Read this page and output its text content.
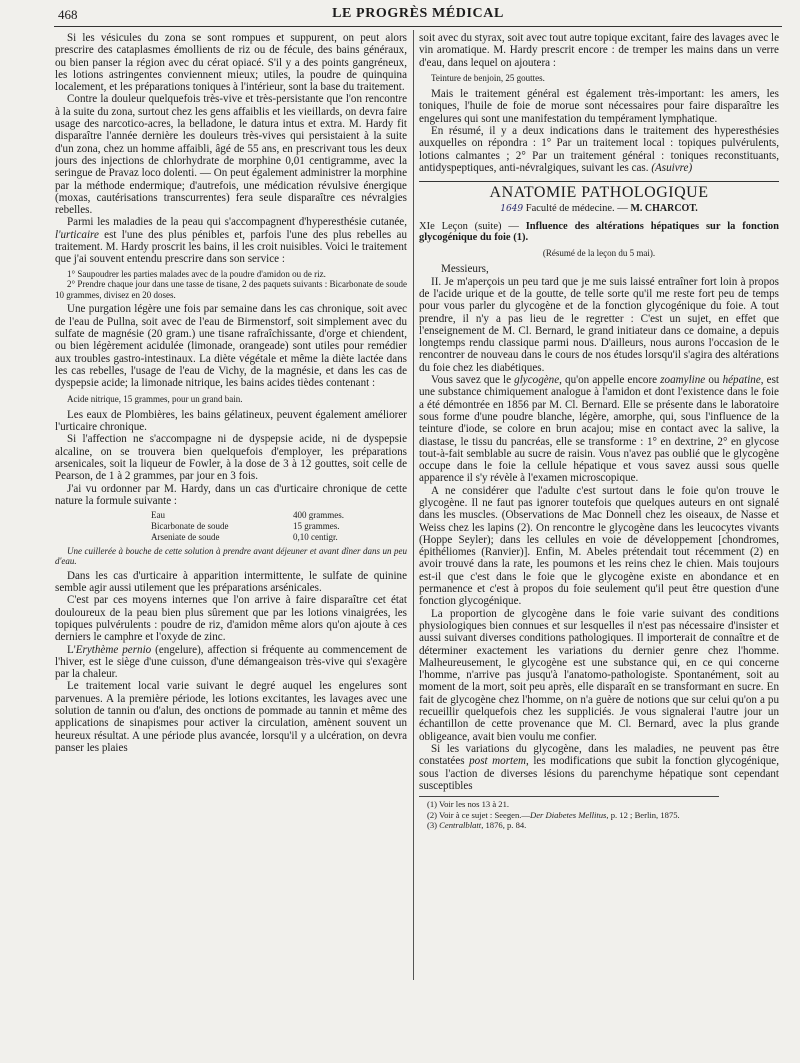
468	LE PROGRÈS MÉDICAL

Si les vésicules du zona se sont rompues et suppurent, on peut alors prescrire des cataplasmes émollients de riz ou de fécule, des bains généraux, ou bien panser la région avec du cérat opiacé. S'il y a des points gangréneux, les lotions astringentes conviennent mieux; utiles, la poudre de quinquina localement, et les préparations toniques à l'intérieur, sont la base du traitement.

Contre la douleur quelquefois très-vive et très-persistante que l'on rencontre à la suite du zona, surtout chez les gens affaiblis et les vieillards, on devra faire usage des narcotico-acres, la belladone, le datura intus et extra. M. Hardy fit disparaître l'année dernière les douleurs très-vives qui persistaient à la suite d'un zona, chez un homme affaibli, âgé de 55 ans, en prescrivant tous les deux jours des injections de chlorhydrate de morphine 0,01 centigramme, avec la seringue de Pravaz loco dolenti. — On peut également administrer la morphine par la méthode endermique; d'autrefois, une médication révulsive énergique (moxas, cautérisations transcurrentes) fera seule disparaître ces névralgies rebelles.

Parmi les maladies de la peau qui s'accompagnent d'hyperesthésie cutanée, l'urticaire est l'une des plus pénibles et, parfois l'une des plus rebelles au traitement. M. Hardy proscrit les bains, il les croit nuisibles. Voici le traitement que j'ai souvent entendu prescrire dans son service :

1° Saupoudrer les parties malades avec de la poudre d'amidon ou de riz.

2° Prendre chaque jour dans une tasse de tisane, 2 des paquets suivants : Bicarbonate de soude 10 grammes, divisez en 20 doses.

Une purgation légère une fois par semaine dans les cas chronique, soit avec de l'eau de Pullna, soit avec de l'eau de Birmenstorf, soit simplement avec du sulfate de magnésie (20 gram.) une tisane rafraîchissante, d'orge et chiendent, ou bien légèrement acidulée (limonade, orangeade) sont utiles pour remédier aux troubles gastro-intestinaux. La diète végétale et même la diète lactée dans les cas rebelles, l'usage de l'eau de Vichy, de la magnésie, et dans les cas de dyspepsie acide; la limonade nitrique, les bains acides tièdes contenant :

Acide nitrique, 15 grammes, pour un grand bain.

Les eaux de Plombières, les bains gélatineux, peuvent également améliorer l'urticaire chronique.

Si l'affection ne s'accompagne ni de dyspepsie acide, ni de dyspepsie alcaline, on se trouvera bien quelquefois d'employer, les préparations arsenicales, soit la liqueur de Fowler, à la dose de 3 à 12 gouttes, soit celle de Pearson, de 1 à 2 grammes, par jour en 3 fois.

J'ai vu ordonner par M. Hardy, dans un cas d'urticaire chronique de cette nature la formule suivante :

Eau	400 grammes.
Bicarbonate de soude	15 grammes.
Arseniate de soude	0,10 centigr.

Une cuillerée à bouche de cette solution à prendre avant déjeuner et avant dîner dans un peu d'eau.

Dans les cas d'urticaire à apparition intermittente, le sulfate de quinine semble agir aussi utilement que les préparations arsénicales.

C'est par ces moyens internes que l'on arrive à faire disparaître cet état douloureux de la peau bien plus sûrement que par les lotions vinaigrées, les topiques pulvérulents : poudre de riz, d'amidon même alors qu'on ajoute à ces derniers le camphre et l'oxyde de zinc.

L'Erythème pernio (engelure), affection si fréquente au commencement de l'hiver, est le siège d'une cuisson, d'une démangeaison très-vive qui s'exagère par la chaleur.

Le traitement local varie suivant le degré auquel les engelures sont parvenues. A la première période, les lotions excitantes, les lavages avec une solution de tannin ou d'alun, des onctions de pommade au tannin et même des applications de sinapismes pour activer la circulation, amènent souvent un heureux résultat. A une période plus avancée, lorsqu'il y a ulcération, on devra panser les plaies

soit avec du styrax, soit avec tout autre topique excitant, faire des lavages avec le vin aromatique. M. Hardy prescrit encore : de tremper les mains dans un verre d'eau, dans lequel on ajoutera :

Teinture de benjoin, 25 gouttes.

Mais le traitement général est également très-important: les amers, les toniques, l'huile de foie de morue sont nécessaires pour faire disparaître les engelures qui sont une manifestation du tempérament lymphatique.

En résumé, il y a deux indications dans le traitement des hyperesthésies auxquelles on répondra : 1° Par un traitement local : topiques pulvérulents, lotions calmantes ; 2° Par un traitement général : toniques reconstituants, antidyspeptiques, anti-névralgiques, suivant les cas. (Asuivre)

ANATOMIE PATHOLOGIQUE
1649 Faculté de médecine. — M. CHARCOT.

XIe Leçon (suite) — Influence des altérations hépatiques sur la fonction glycogénique du foie (1).

(Résumé de la leçon du 5 mai).

Messieurs,

II. Je m'aperçois un peu tard que je me suis laissé entraîner fort loin à propos de l'acide urique et de la goutte, de telle sorte qu'il me reste fort peu de temps pour vous parler du glycogène et de la fonction glycogénique du foie. A tout prendre, il n'y a pas lieu de le regretter : C'est un sujet, en effet que l'enseignement de M. Cl. Bernard, le grand initiateur dans ce domaine, a depuis longtemps rendu classique parmi nous. D'ailleurs, nous aurons l'occasion de le rencontrer de nouveau dans le cours de nos études lorsqu'il s'agira des altérations du foie chez les diabétiques.

Vous savez que le glycogène, qu'on appelle encore zoamyline ou hépatine, est une substance chimiquement analogue à l'amidon et dont l'existence dans le foie a été démontrée en 1856 par M. Cl. Bernard. Elle se présente dans le laboratoire sous forme d'une poudre blanche, légère, amorphe, qui, sous l'influence de la teinture d'iode, se colore en brun acajou; mise en contact avec la salive, la diastase, le tissu du pancréas, elle se transforme : 1° en dextrine, 2° en glycose tout-à-fait semblable au sucre de raisin. Vous n'avez pas oublié que le glycogène occupe dans le foie la cellule hépatique et vous savez aussi sous quelle apparence il s'y révèle à l'examen microscopique.

A ne considérer que l'adulte c'est surtout dans le foie qu'on trouve le glycogène. Il ne faut pas ignorer toutefois que quelques auteurs en ont signalé dans les muscles. (Observations de Mac Donnell chez les oiseaux, de Nasse et Weiss chez les lapins (2). On rencontre le glycogène dans les leucocytes vivants (Hoppe Seyler); dans les cellules en voie de développement [chondromes, épithéliomes (Ranvier)]. Enfin, M. Abeles prétendait tout récemment (2) en avoir trouvé dans la rate, les poumons et les reins chez le chien. Mais toujours est-il que c'est dans le foie que le glycogène existe en abondance et en permanence et c'est à propos du foie seulement qu'il peut être question d'une fonction glycogénique.

La proportion de glycogène dans le foie varie suivant des conditions physiologiques bien connues et sur lesquelles il n'est pas nécessaire d'insister et aussi suivant diverses conditions pathologiques. Il importerait de connaître et de déterminer exactement les variations du dernier genre chez l'homme. Malheureusement, le glycogène est une substance qui, en ce qui concerne l'homme, n'arrive pas jusqu'à l'anatomo-pathologiste. Spontanément, soit au moment de la mort, soit peu après, elle disparaît en se transformant en sucre. En fait de glycogène chez l'homme, on n'a guère de notions que sur celui qu'on a pu recueillir quelquefois chez les suppliciés. Je vous signalerai l'autre jour un échantillon de cette provenance que M. Cl. Bernard, avec la plus grande obligeance, avait bien voulu me confier.

Si les variations du glycogène, dans les maladies, ne peuvent pas être constatées post mortem, les modifications que subit la fonction glycogénique, sous l'action de diverses lésions du parenchyme hépatique sont cependant susceptibles

(1) Voir les nos 13 à 21.
(2) Voir à ce sujet : Seegen.—Der Diabetes Mellitus, p. 12 ; Berlin, 1875.
(3) Centralblatt, 1876, p. 84.
